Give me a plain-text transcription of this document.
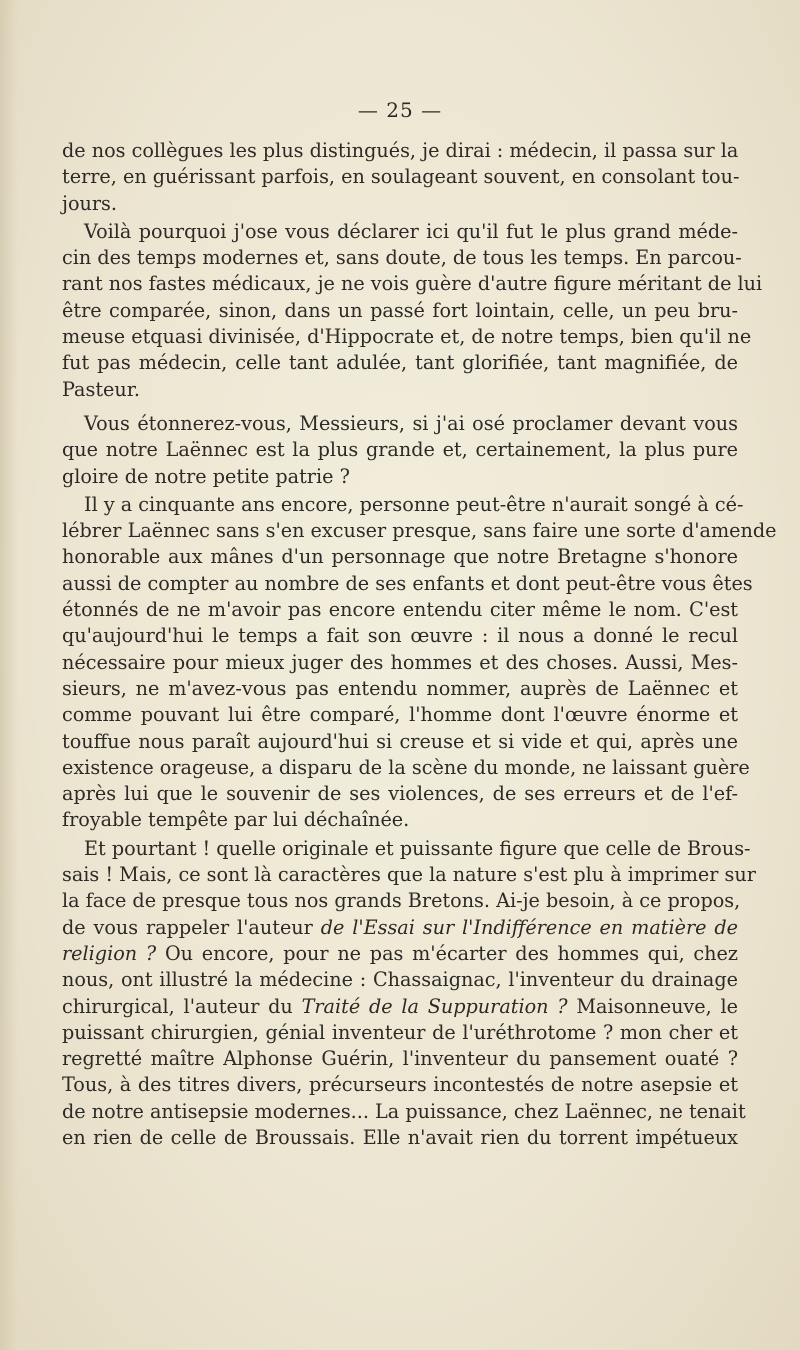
— 25 —
de nos collègues les plus distingués, je dirai : médecin, il passa sur la
terre, en guérissant parfois, en soulageant souvent, en consolant tou-
jours.
Voilà pourquoi j'ose vous déclarer ici qu'il fut le plus grand méde-
cin des temps modernes et, sans doute, de tous les temps. En parcou-
rant nos fastes médicaux, je ne vois guère d'autre figure méritant de lui
être comparée, sinon, dans un passé fort lointain, celle, un peu bru-
meuse etquasi divinisée, d'Hippocrate et, de notre temps, bien qu'il ne
fut pas médecin, celle tant adulée, tant glorifiée, tant magnifiée, de
Pasteur.
Vous étonnerez-vous, Messieurs, si j'ai osé proclamer devant vous
que notre Laënnec est la plus grande et, certainement, la plus pure
gloire de notre petite patrie ?
Il y a cinquante ans encore, personne peut-être n'aurait songé à cé-
lébrer Laënnec sans s'en excuser presque, sans faire une sorte d'amende
honorable aux mânes d'un personnage que notre Bretagne s'honore
aussi de compter au nombre de ses enfants et dont peut-être vous êtes
étonnés de ne m'avoir pas encore entendu citer même le nom. C'est
qu'aujourd'hui le temps a fait son œuvre : il nous a donné le recul
nécessaire pour mieux juger des hommes et des choses. Aussi, Mes-
sieurs, ne m'avez-vous pas entendu nommer, auprès de Laënnec et
comme pouvant lui être comparé, l'homme dont l'œuvre énorme et
touffue nous paraît aujourd'hui si creuse et si vide et qui, après une
existence orageuse, a disparu de la scène du monde, ne laissant guère
après lui que le souvenir de ses violences, de ses erreurs et de l'ef-
froyable tempête par lui déchaînée.
Et pourtant ! quelle originale et puissante figure que celle de Brous-
sais ! Mais, ce sont là caractères que la nature s'est plu à imprimer sur
la face de presque tous nos grands Bretons. Ai-je besoin, à ce propos,
de vous rappeler l'auteur de l'Essai sur l'Indifférence en matière de
religion ? Ou encore, pour ne pas m'écarter des hommes qui, chez
nous, ont illustré la médecine : Chassaignac, l'inventeur du drainage
chirurgical, l'auteur du Traité de la Suppuration ? Maisonneuve, le
puissant chirurgien, génial inventeur de l'uréthrotome ? mon cher et
regretté maître Alphonse Guérin, l'inventeur du pansement ouaté ?
Tous, à des titres divers, précurseurs incontestés de notre asepsie et
de notre antisepsie modernes... La puissance, chez Laënnec, ne tenait
en rien de celle de Broussais. Elle n'avait rien du torrent impétueux
